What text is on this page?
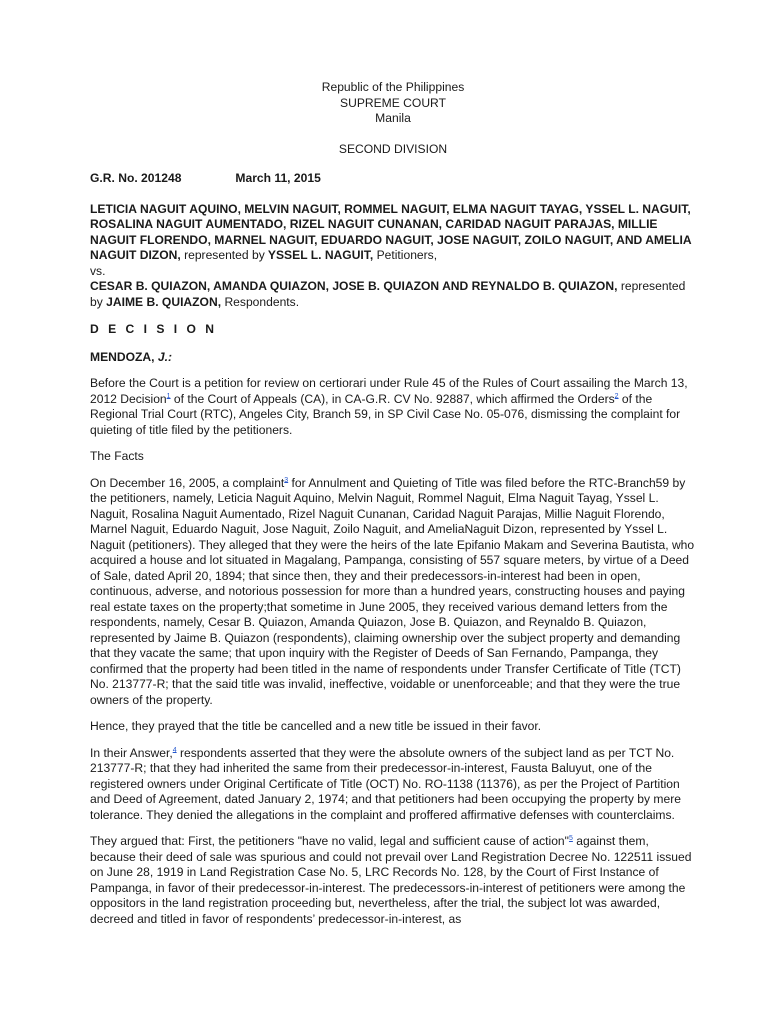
Republic of the Philippines
SUPREME COURT
Manila
SECOND DIVISION
G.R. No. 201248	March 11, 2015
LETICIA NAGUIT AQUINO, MELVIN NAGUIT, ROMMEL NAGUIT, ELMA NAGUIT TAYAG, YSSEL L. NAGUIT, ROSALINA NAGUIT AUMENTADO, RIZEL NAGUIT CUNANAN, CARIDAD NAGUIT PARAJAS, MILLIE NAGUIT FLORENDO, MARNEL NAGUIT, EDUARDO NAGUIT, JOSE NAGUIT, ZOILO NAGUIT, AND AMELIA NAGUIT DIZON, represented by YSSEL L. NAGUIT, Petitioners,
vs.
CESAR B. QUIAZON, AMANDA QUIAZON, JOSE B. QUIAZON AND REYNALDO B. QUIAZON, represented by JAIME B. QUIAZON, Respondents.
D E C I S I O N
MENDOZA, J.:

Before the Court is a petition for review on certiorari under Rule 45 of the Rules of Court assailing the March 13, 2012 Decision$^1$ of the Court of Appeals (CA), in CA-G.R. CV No. 92887, which affirmed the Orders$^2$ of the Regional Trial Court (RTC), Angeles City, Branch 59, in SP Civil Case No. 05-076, dismissing the complaint for quieting of title filed by the petitioners.

The Facts

On December 16, 2005, a complaint$^3$ for Annulment and Quieting of Title was filed before the RTC-Branch59 by the petitioners, namely, Leticia Naguit Aquino, Melvin Naguit, Rommel Naguit, Elma Naguit Tayag, Yssel L. Naguit, Rosalina Naguit Aumentado, Rizel Naguit Cunanan, Caridad Naguit Parajas, Millie Naguit Florendo, Marnel Naguit, Eduardo Naguit, Jose Naguit, Zoilo Naguit, and AmeliaNaguit Dizon, represented by Yssel L. Naguit (petitioners). They alleged that they were the heirs of the late Epifanio Makam and Severina Bautista, who acquired a house and lot situated in Magalang, Pampanga, consisting of 557 square meters, by virtue of a Deed of Sale, dated April 20, 1894; that since then, they and their predecessors-in-interest had been in open, continuous, adverse, and notorious possession for more than a hundred years, constructing houses and paying real estate taxes on the property;that sometime in June 2005, they received various demand letters from the respondents, namely, Cesar B. Quiazon, Amanda Quiazon, Jose B. Quiazon, and Reynaldo B. Quiazon, represented by Jaime B. Quiazon (respondents), claiming ownership over the subject property and demanding that they vacate the same; that upon inquiry with the Register of Deeds of San Fernando, Pampanga, they confirmed that the property had been titled in the name of respondents under Transfer Certificate of Title (TCT) No. 213777-R; that the said title was invalid, ineffective, voidable or unenforceable; and that they were the true owners of the property.

Hence, they prayed that the title be cancelled and a new title be issued in their favor.

In their Answer,$^4$ respondents asserted that they were the absolute owners of the subject land as per TCT No. 213777-R; that they had inherited the same from their predecessor-in-interest, Fausta Baluyut, one of the registered owners under Original Certificate of Title (OCT) No. RO-1138 (11376), as per the Project of Partition and Deed of Agreement, dated January 2, 1974; and that petitioners had been occupying the property by mere tolerance. They denied the allegations in the complaint and proffered affirmative defenses with counterclaims.

They argued that: First, the petitioners "have no valid, legal and sufficient cause of action"$^5$ against them, because their deed of sale was spurious and could not prevail over Land Registration Decree No. 122511 issued on June 28, 1919 in Land Registration Case No. 5, LRC Records No. 128, by the Court of First Instance of Pampanga, in favor of their predecessor-in-interest. The predecessors-in-interest of petitioners were among the oppositors in the land registration proceeding but, nevertheless, after the trial, the subject lot was awarded, decreed and titled in favor of respondents’ predecessor-in-interest, as
